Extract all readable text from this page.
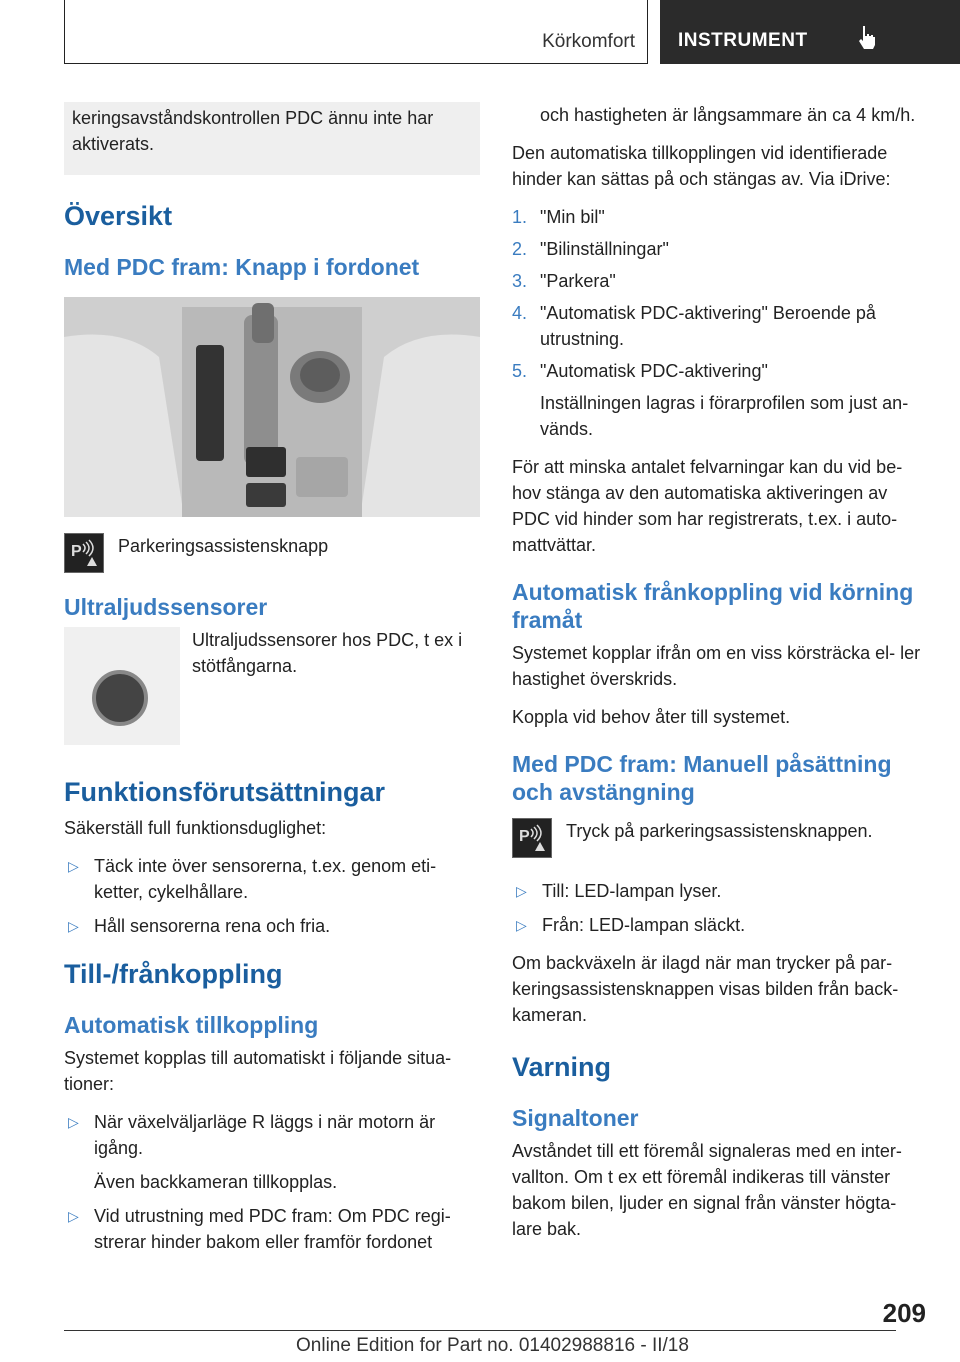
Körkomfort INSTRUMENT

keringsavståndskontrollen PDC ännu inte har aktiverats.

Översikt
Med PDC fram: Knapp i fordonet
P Parkeringsassistensknapp

Ultraljudssensorer

Ultraljudssensorer hos PDC, t ex i stötfångarna.

Funktionsförutsättningar

Säkerställ full funktionsduglighet:

▷ Täck inte över sensorerna, t.ex. genom eti- ketter, cykelhållare.
▷ Håll sensorerna rena och fria.
Till-/frånkoppling
Automatisk tillkoppling

Systemet kopplas till automatiskt i följande situa- tioner:

▷ När växelväljarläge R läggs i när motorn är igång.
Även backkameran tillkopplas.
▷ Vid utrustning med PDC fram: Om PDC regi- strerar hinder bakom eller framför fordonet

och hastigheten är långsammare än ca 4 km/h.

Den automatiska tillkopplingen vid identifierade hinder kan sättas på och stängas av. Via iDrive:

1. "Min bil"
2. "Bilinställningar"
3. "Parkera"
4. "Automatisk PDC-aktivering" Beroende på utrustning.
5. "Automatisk PDC-aktivering"
Inställningen lagras i förarprofilen som just an- vänds.

För att minska antalet felvarningar kan du vid be- hov stänga av den automatiska aktiveringen av PDC vid hinder som har registrerats, t.ex. i auto- mattvättar.

Automatisk frånkoppling vid körning framåt

Systemet kopplar ifrån om en viss körsträcka el- ler hastighet överskrids.

Koppla vid behov åter till systemet.

Med PDC fram: Manuell påsättning och avstängning
P Tryck på parkeringsassistensknappen.

▷ Till: LED-lampan lyser.
▷ Från: LED-lampan släckt.

Om backväxeln är ilagd när man trycker på par- keringsassistensknappen visas bilden från back- kameran.

Varning
Signaltoner

Avståndet till ett föremål signaleras med en inter- vallton. Om t ex ett föremål indikeras till vänster bakom bilen, ljuder en signal från vänster högta- lare bak.

209
Online Edition for Part no. 01402988816 - II/18
